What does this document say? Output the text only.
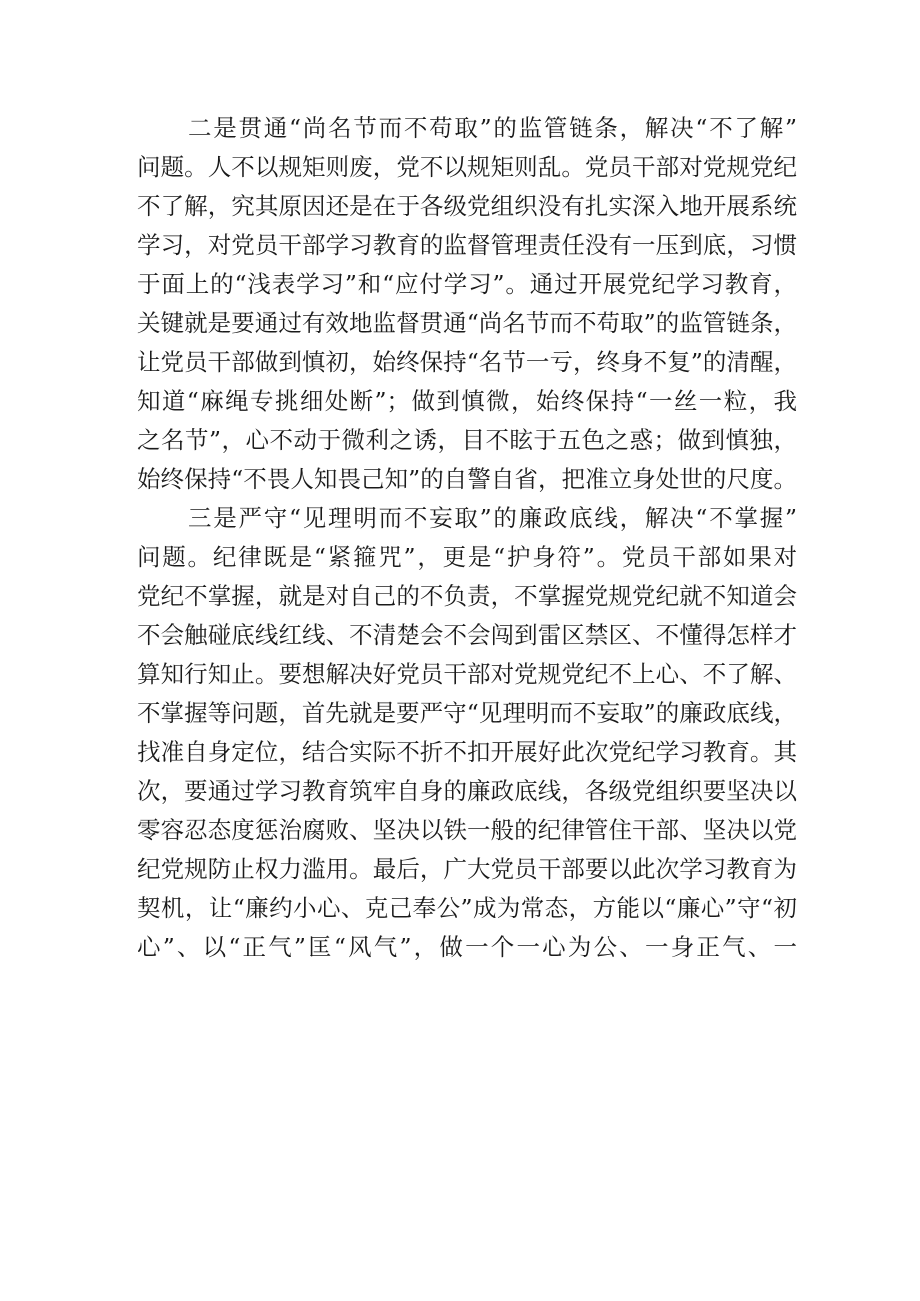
二是贯通“尚名节而不苟取”的监管链条，解决“不了解”
问题。人不以规矩则废，党不以规矩则乱。党员干部对党规党纪
不了解，究其原因还是在于各级党组织没有扎实深入地开展系统
学习，对党员干部学习教育的监督管理责任没有一压到底，习惯
于面上的“浅表学习”和“应付学习”。通过开展党纪学习教育，
关键就是要通过有效地监督贯通“尚名节而不苟取”的监管链条，
让党员干部做到慎初，始终保持“名节一亏，终身不复”的清醒，
知道“麻绳专挑细处断”；做到慎微，始终保持“一丝一粒，我
之名节”，心不动于微利之诱，目不眩于五色之惑；做到慎独，
始终保持“不畏人知畏己知”的自警自省，把准立身处世的尺度。
三是严守“见理明而不妄取”的廉政底线，解决“不掌握”
问题。纪律既是“紧箍咒”，更是“护身符”。党员干部如果对
党纪不掌握，就是对自己的不负责，不掌握党规党纪就不知道会
不会触碰底线红线、不清楚会不会闯到雷区禁区、不懂得怎样才
算知行知止。要想解决好党员干部对党规党纪不上心、不了解、
不掌握等问题，首先就是要严守“见理明而不妄取”的廉政底线，
找准自身定位，结合实际不折不扣开展好此次党纪学习教育。其
次，要通过学习教育筑牢自身的廉政底线，各级党组织要坚决以
零容忍态度惩治腐败、坚决以铁一般的纪律管住干部、坚决以党
纪党规防止权力滥用。最后，广大党员干部要以此次学习教育为
契机，让“廉约小心、克己奉公”成为常态，方能以“廉心”守“初
心”、以“正气”匡“风气”，做一个一心为公、一身正气、一
